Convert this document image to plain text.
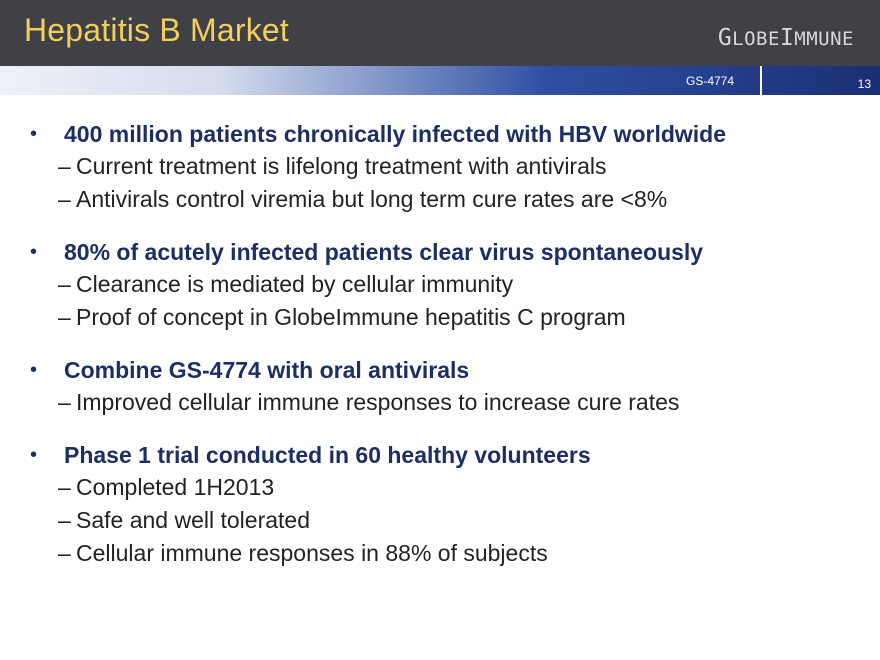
Hepatitis B Market	GLOBEIMMUNE
GS-4774	13
• 400 million patients chronically infected with HBV worldwide
– Current treatment is lifelong treatment with antivirals
– Antivirals control viremia but long term cure rates are <8%
• 80% of acutely infected patients clear virus spontaneously
– Clearance is mediated by cellular immunity
– Proof of concept in GlobeImmune hepatitis C program
• Combine GS-4774 with oral antivirals
– Improved cellular immune responses to increase cure rates
• Phase 1 trial conducted in 60 healthy volunteers
– Completed 1H2013
– Safe and well tolerated
– Cellular immune responses in 88% of subjects
